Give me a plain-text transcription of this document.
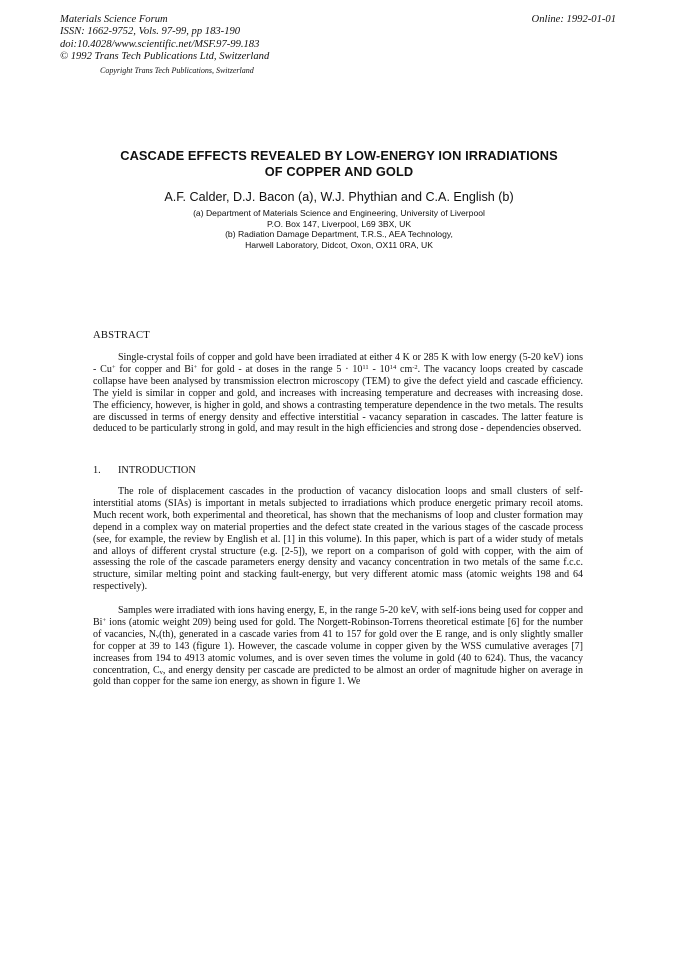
Materials Science Forum
ISSN: 1662-9752, Vols. 97-99, pp 183-190
doi:10.4028/www.scientific.net/MSF.97-99.183
© 1992 Trans Tech Publications Ltd, Switzerland
Copyright Trans Tech Publications, Switzerland
Online: 1992-01-01
CASCADE EFFECTS REVEALED BY LOW-ENERGY ION IRRADIATIONS
OF COPPER AND GOLD
A.F. Calder, D.J. Bacon (a), W.J. Phythian and C.A. English (b)
(a) Department of Materials Science and Engineering, University of Liverpool
P.O. Box 147, Liverpool, L69 3BX, UK
(b) Radiation Damage Department, T.R.S., AEA Technology,
Harwell Laboratory, Didcot, Oxon, OX11 0RA, UK
ABSTRACT

Single-crystal foils of copper and gold have been irradiated at either 4 K or 285 K with low energy (5-20 keV) ions - Cu+ for copper and Bi+ for gold - at doses in the range $5 \cdot 10^{11} - 10^{14}$ $cm^{-2}$. The vacancy loops created by cascade collapse have been analysed by transmission electron microscopy (TEM) to give the defect yield and cascade efficiency. The yield is similar in copper and gold, and increases with increasing temperature and decreases with increasing dose. The efficiency, however, is higher in gold, and shows a contrasting temperature dependence in the two metals. The results are discussed in terms of energy density and effective interstitial - vacancy separation in cascades. The latter feature is deduced to be particularly strong in gold, and may result in the high efficiencies and strong dose - dependencies observed.

1. INTRODUCTION

The role of displacement cascades in the production of vacancy dislocation loops and small clusters of self-interstitial atoms (SIAs) is important in metals subjected to irradiations which produce energetic primary recoil atoms. Much recent work, both experimental and theoretical, has shown that the mechanisms of loop and cluster formation may depend in a complex way on material properties and the defect state created in the various stages of the cascade process (see, for example, the review by English et al. [1] in this volume). In this paper, which is part of a wider study of metals and alloys of different crystal structure (e.g. [2-5]), we report on a comparison of gold with copper, with the aim of assessing the role of the cascade parameters energy density and vacancy concentration in two metals of the same f.c.c. structure, similar melting point and stacking fault-energy, but very different atomic mass (atomic weights 198 and 64 respectively).

Samples were irradiated with ions having energy, E, in the range 5-20 keV, with self-ions being used for copper and Bi+ ions (atomic weight 209) being used for gold. The Norgett-Robinson-Torrens theoretical estimate [6] for the number of vacancies, $N_v(th)$, generated in a cascade varies from 41 to 157 for gold over the E range, and is only slightly smaller for copper at 39 to 143 (figure 1). However, the cascade volume in copper given by the WSS cumulative averages [7] increases from 194 to 4913 atomic volumes, and is over seven times the volume in gold (40 to 624). Thus, the vacancy concentration, $C_v$, and energy density per cascade are predicted to be almost an order of magnitude higher on average in gold than copper for the same ion energy, as shown in figure 1. We
